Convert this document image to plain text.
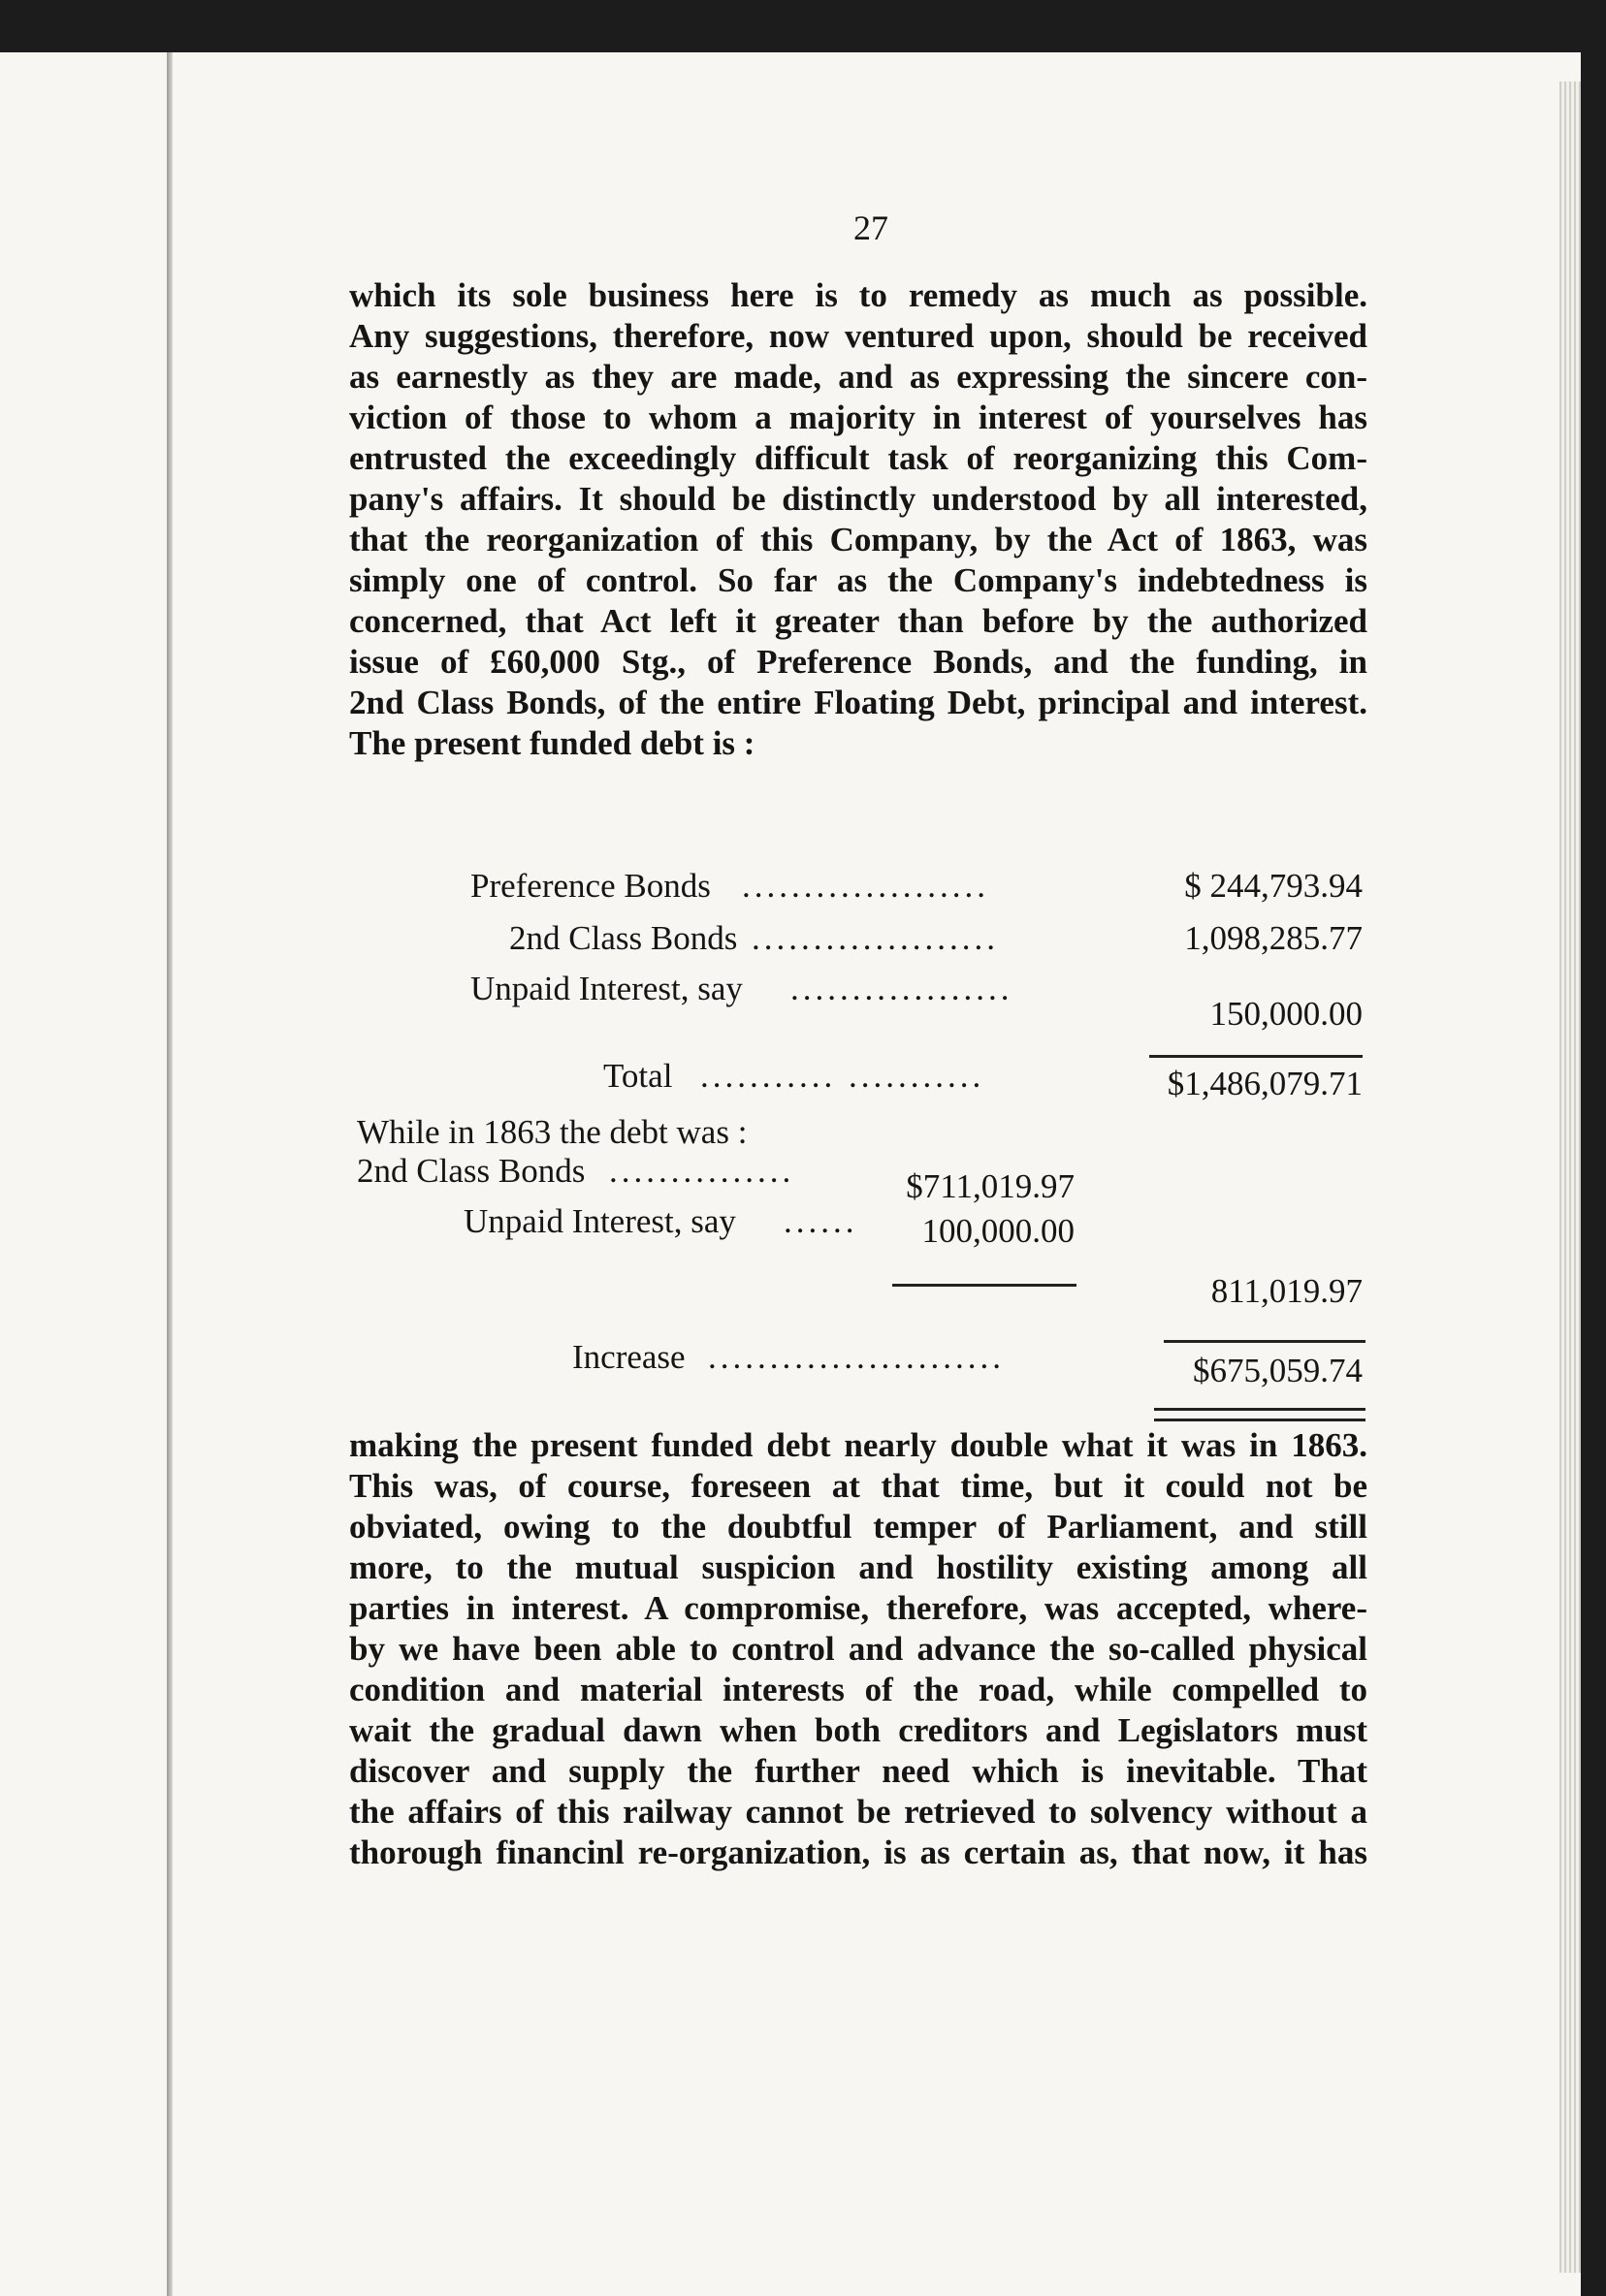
27
which its sole business here is to remedy as much as possible.
Any suggestions, therefore, now ventured upon, should be received
as earnestly as they are made, and as expressing the sincere con-
viction of those to whom a majority in interest of yourselves has
entrusted the exceedingly difficult task of reorganizing this Com-
pany's affairs. It should be distinctly understood by all interested,
that the reorganization of this Company, by the Act of 1863, was
simply one of control. So far as the Company's indebtedness is
concerned, that Act left it greater than before by the authorized
issue of £60,000 Stg., of Preference Bonds, and the funding, in
2nd Class Bonds, of the entire Floating Debt, principal and interest.
The present funded debt is :
Preference Bonds ....................	$ 244,793.94
2nd Class Bonds ....................	1,098,285.77
Unpaid Interest, say ..................
150,000.00
Total ........... ...........	$1,486,079.71
While in 1863 the debt was :
2nd Class Bonds ...............	$711,019.97
Unpaid Interest, say ......	100,000.00
811,019.97
Increase ........................	$675,059.74
making the present funded debt nearly double what it was in 1863.
This was, of course, foreseen at that time, but it could not be
obviated, owing to the doubtful temper of Parliament, and still
more, to the mutual suspicion and hostility existing among all
parties in interest. A compromise, therefore, was accepted, where-
by we have been able to control and advance the so-called physical
condition and material interests of the road, while compelled to
wait the gradual dawn when both creditors and Legislators must
discover and supply the further need which is inevitable. That
the affairs of this railway cannot be retrieved to solvency without a
thorough financinl re-organization, is as certain as, that now, it has
